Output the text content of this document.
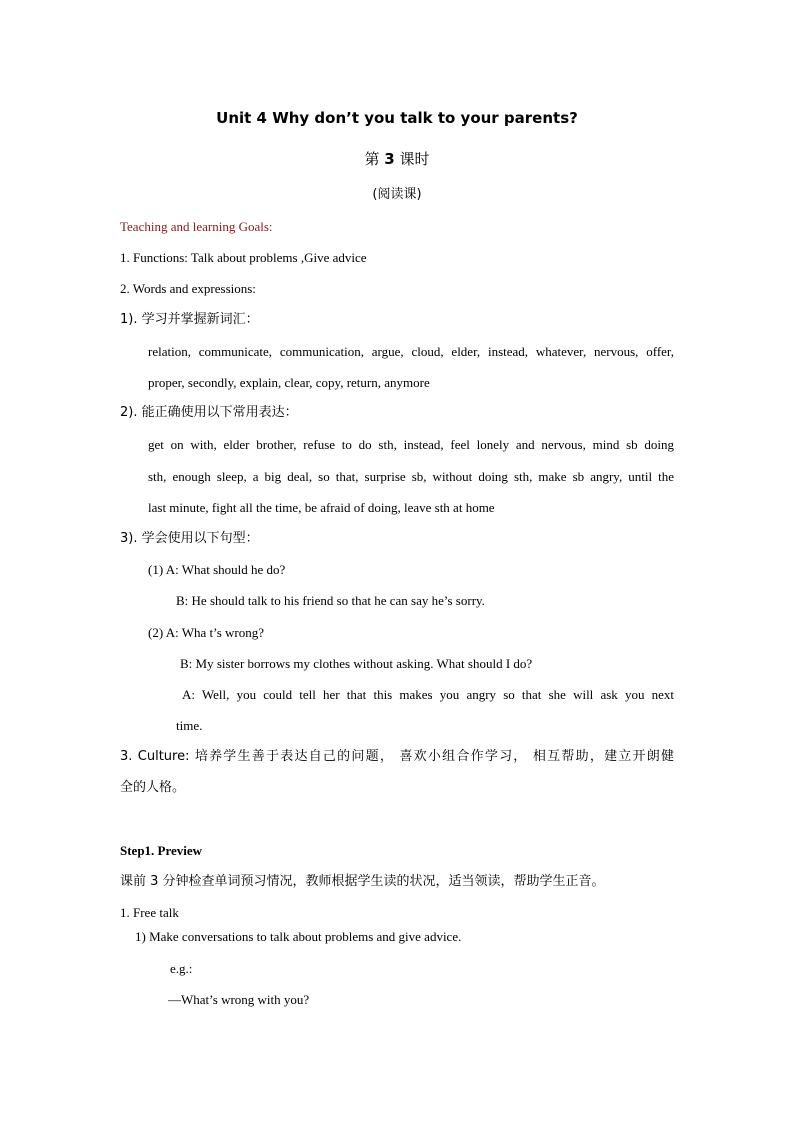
Unit 4 Why don’t you talk to your parents?
第 3 课时
(阅读课)
Teaching and learning Goals:
1. Functions: Talk about problems ,Give advice
2. Words and expressions:
1). 学习并掌握新词汇：
relation, communicate, communication, argue, cloud, elder, instead, whatever, nervous, offer,
proper, secondly, explain, clear, copy, return, anymore
2). 能正确使用以下常用表达：
get on with, elder brother, refuse to do sth, instead, feel lonely and nervous, mind sb doing
sth, enough sleep, a big deal, so that, surprise sb, without doing sth, make sb angry, until the
last minute, fight all the time, be afraid of doing, leave sth at home
3). 学会使用以下句型：
(1) A: What should he do?
B: He should talk to his friend so that he can say he’s sorry.
(2) A: Wha t’s wrong?
B: My sister borrows my clothes without asking. What should I do?
A: Well, you could tell her that this makes you angry so that she will ask you next
time.
3. Culture: 培养学生善于表达自己的问题， 喜欢小组合作学习， 相互帮助，建立开朗健
全的人格。
Step1. Preview
课前 3 分钟检查单词预习情况，教师根据学生读的状况，适当领读，帮助学生正音。
1. Free talk
1) Make conversations to talk about problems and give advice.
e.g.:
—What’s wrong with you?
